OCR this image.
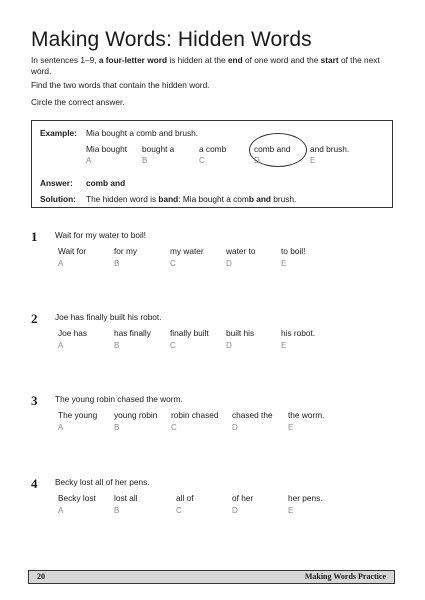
Making Words: Hidden Words

In sentences 1–9, a four-letter word is hidden at the end of one word and the start of the next word.

Find the two words that contain the hidden word.

Circle the correct answer.

Example: Mia bought a comb and brush.
Mia bought
A
bought a
B
a comb
C
comb and
D
and brush.
E
Answer: comb and
Solution: The hidden word is band: Mia bought a comb and brush.
1 Wait for my water to boil!
Wait for
A
for my
B
my water
C
water to
D
to boil!
E
2 Joe has finally built his robot.
Joe has
A
has finally
B
finally built
C
built his
D
his robot.
E
3 The young robin chased the worm.
The young
A
young robin
B
robin chased
C
chased the
D
the worm.
E
4 Becky lost all of her pens.
Becky lost
A
lost all
B
all of
C
of her
D
her pens.
E
20	Making Words Practice
